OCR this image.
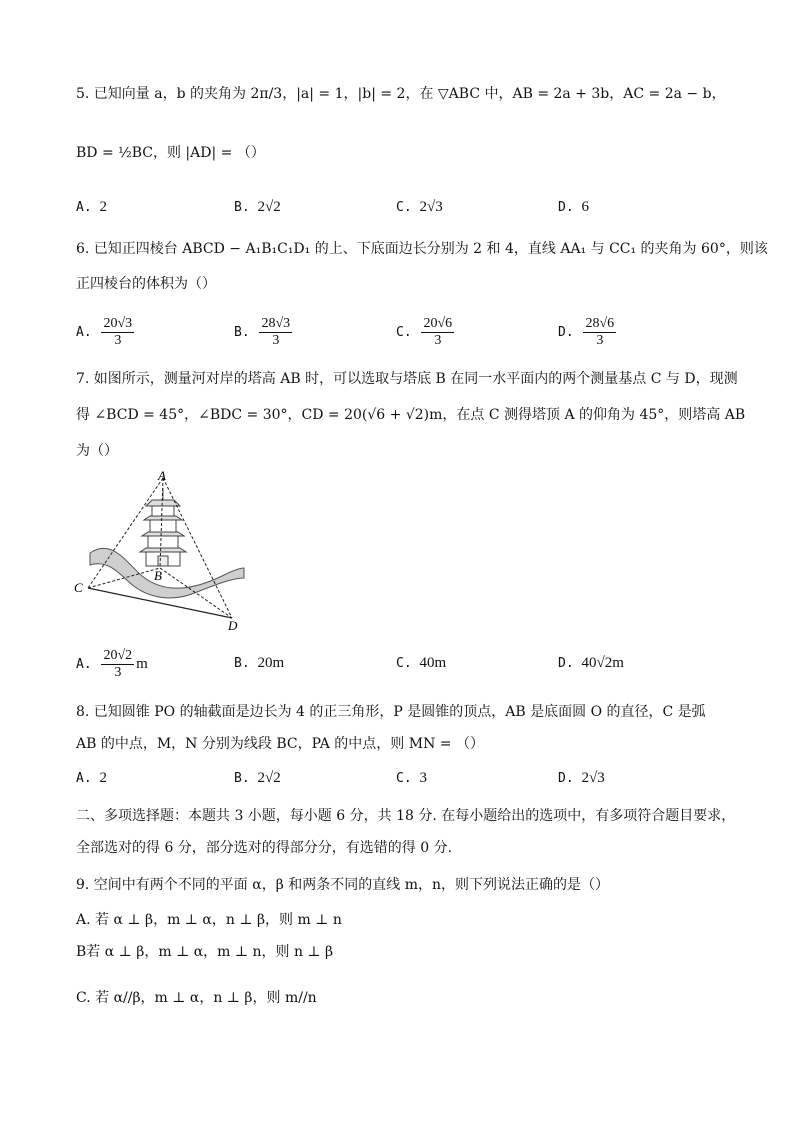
5. 已知向量 a，b 的夹角为 2π/3，|a| = 1，|b| = 2，在 ▽ABC 中，AB = 2a + 3b，AC = 2a − b，
BD = ½BC，则 |AD| = （）
A. 2	B. 2√2	C. 2√3	D. 6
6. 已知正四棱台 ABCD − A₁B₁C₁D₁ 的上、下底面边长分别为 2 和 4，直线 AA₁ 与 CC₁ 的夹角为 60°，则该
正四棱台的体积为（）
A. $\frac{20√3}{3}$	B. $\frac{28√3}{3}$	C. $\frac{20√6}{3}$	D. $\frac{28√6}{3}$
7. 如图所示，测量河对岸的塔高 AB 时，可以选取与塔底 B 在同一水平面内的两个测量基点 C 与 D，现测
得 ∠BCD = 45°，∠BDC = 30°，CD = 20(√6 + √2)m，在点 C 测得塔顶 A 的仰角为 45°，则塔高 AB
为（）
A
B
C
D
A. $\frac{20√2}{3}$ m	B. 20m	C. 40m	D. 40√2m
8. 已知圆锥 PO 的轴截面是边长为 4 的正三角形，P 是圆锥的顶点，AB 是底面圆 O 的直径，C 是弧
AB 的中点，M，N 分别为线段 BC，PA 的中点，则 MN = （）
A. 2	B. 2√2	C. 3	D. 2√3
二、多项选择题：本题共 3 小题，每小题 6 分，共 18 分. 在每小题给出的选项中，有多项符合题目要求，
全部选对的得 6 分，部分选对的得部分分，有选错的得 0 分.
9. 空间中有两个不同的平面 α，β 和两条不同的直线 m，n，则下列说法正确的是（）
A. 若 α ⊥ β，m ⊥ α，n ⊥ β，则 m ⊥ n
B若 α ⊥ β，m ⊥ α，m ⊥ n，则 n ⊥ β
C. 若 α//β，m ⊥ α，n ⊥ β，则 m//n
